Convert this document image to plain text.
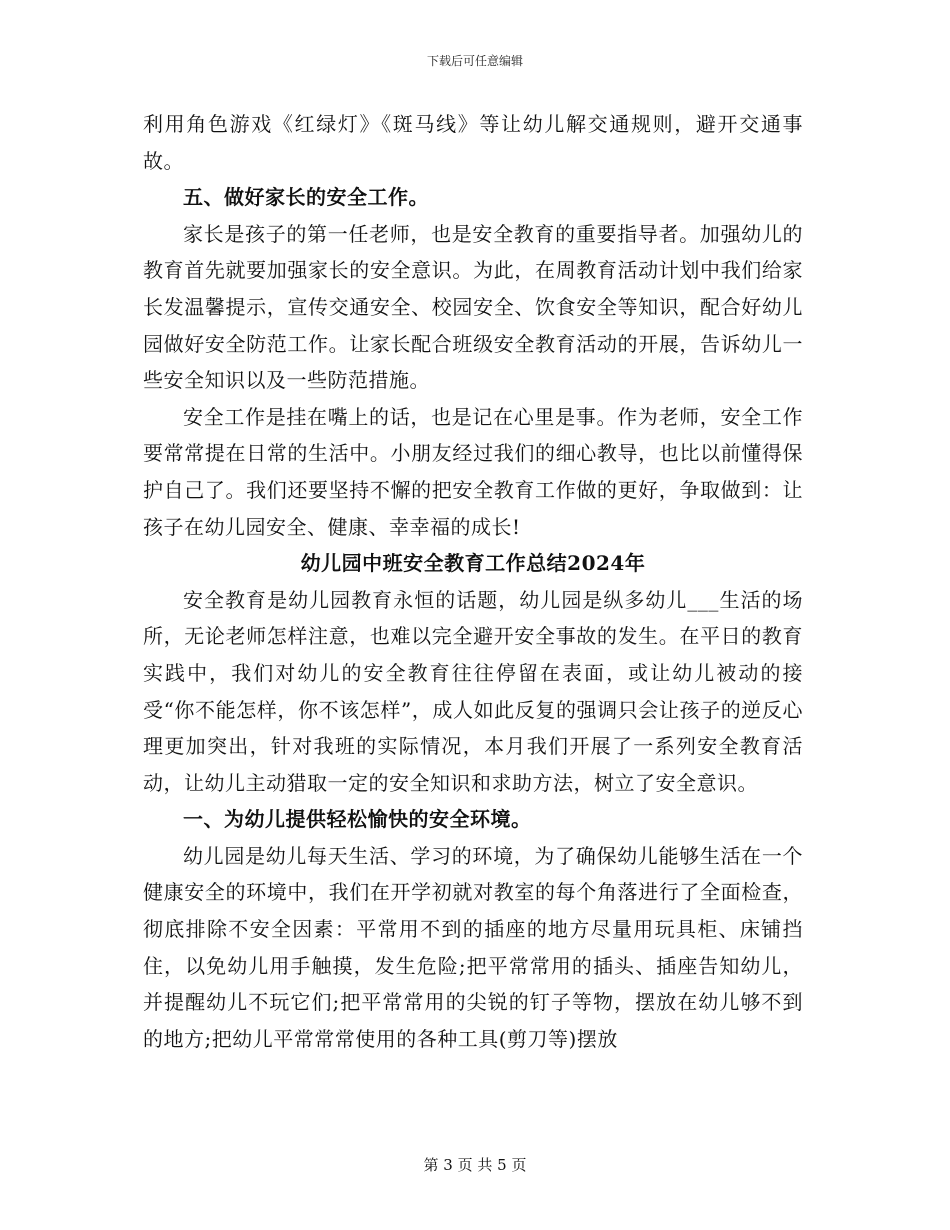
下载后可任意编辑

利用角色游戏《红绿灯》《斑马线》等让幼儿解交通规则，避开交通事故。

五、做好家长的安全工作。

家长是孩子的第一任老师，也是安全教育的重要指导者。加强幼儿的教育首先就要加强家长的安全意识。为此，在周教育活动计划中我们给家长发温馨提示，宣传交通安全、校园安全、饮食安全等知识，配合好幼儿园做好安全防范工作。让家长配合班级安全教育活动的开展，告诉幼儿一些安全知识以及一些防范措施。

安全工作是挂在嘴上的话，也是记在心里是事。作为老师，安全工作要常常提在日常的生活中。小朋友经过我们的细心教导，也比以前懂得保护自己了。我们还要坚持不懈的把安全教育工作做的更好，争取做到：让孩子在幼儿园安全、健康、幸幸福的成长!

幼儿园中班安全教育工作总结2024年

安全教育是幼儿园教育永恒的话题，幼儿园是纵多幼儿___生活的场所，无论老师怎样注意，也难以完全避开安全事故的发生。在平日的教育实践中，我们对幼儿的安全教育往往停留在表面，或让幼儿被动的接受“你不能怎样，你不该怎样”，成人如此反复的强调只会让孩子的逆反心理更加突出，针对我班的实际情况，本月我们开展了一系列安全教育活动，让幼儿主动猎取一定的安全知识和求助方法，树立了安全意识。

一、为幼儿提供轻松愉快的安全环境。

幼儿园是幼儿每天生活、学习的环境，为了确保幼儿能够生活在一个健康安全的环境中，我们在开学初就对教室的每个角落进行了全面检查，彻底排除不安全因素：平常用不到的插座的地方尽量用玩具柜、床铺挡住，以免幼儿用手触摸，发生危险;把平常常用的插头、插座告知幼儿，并提醒幼儿不玩它们;把平常常用的尖锐的钉子等物，摆放在幼儿够不到的地方;把幼儿平常常常使用的各种工具(剪刀等)摆放

第 3 页 共 5 页
